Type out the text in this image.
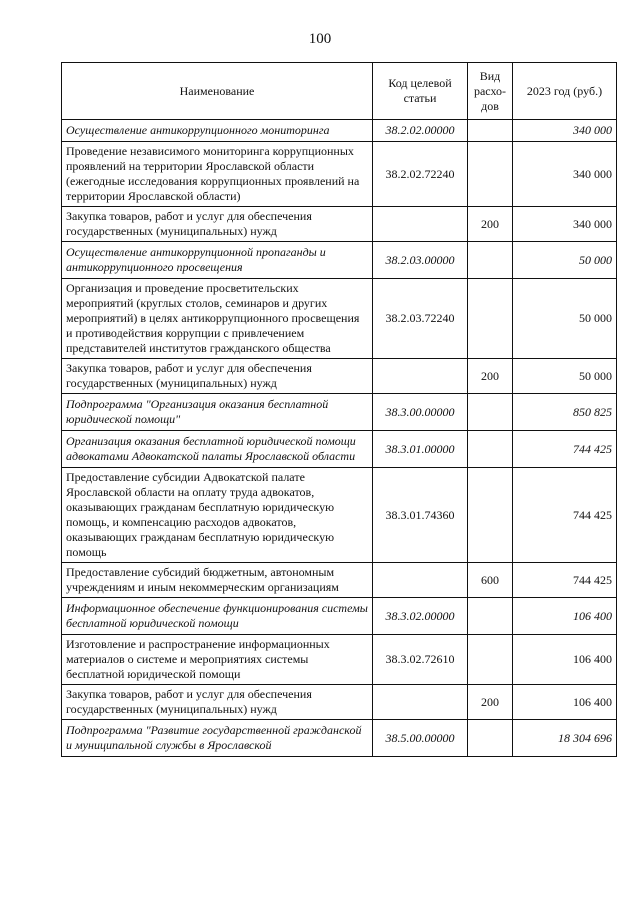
100
Наименование	Код целевой статьи	Вид расхо-дов	2023 год (руб.)
Осуществление антикоррупционного мониторинга	38.2.02.00000		340 000
Проведение независимого мониторинга коррупционных проявлений на территории Ярославской области (ежегодные исследования коррупционных проявлений на территории Ярославской области)	38.2.02.72240		340 000
Закупка товаров, работ и услуг для обеспечения государственных (муниципальных) нужд		200	340 000
Осуществление антикоррупционной пропаганды и антикоррупционного просвещения	38.2.03.00000		50 000
Организация и проведение просветительских мероприятий (круглых столов, семинаров и других мероприятий) в целях антикоррупционного просвещения и противодействия коррупции с привлечением представителей институтов гражданского общества	38.2.03.72240		50 000
Закупка товаров, работ и услуг для обеспечения государственных (муниципальных) нужд		200	50 000
Подпрограмма "Организация оказания бесплатной юридической помощи"	38.3.00.00000		850 825
Организация оказания бесплатной юридической помощи адвокатами Адвокатской палаты Ярославской области	38.3.01.00000		744 425
Предоставление субсидии Адвокатской палате Ярославской области на оплату труда адвокатов, оказывающих гражданам бесплатную юридическую помощь, и компенсацию расходов адвокатов, оказывающих гражданам бесплатную юридическую помощь	38.3.01.74360		744 425
Предоставление субсидий бюджетным, автономным учреждениям и иным некоммерческим организациям		600	744 425
Информационное обеспечение функционирования системы бесплатной юридической помощи	38.3.02.00000		106 400
Изготовление и распространение информационных материалов о системе и мероприятиях системы бесплатной юридической помощи	38.3.02.72610		106 400
Закупка товаров, работ и услуг для обеспечения государственных (муниципальных) нужд		200	106 400
Подпрограмма "Развитие государственной гражданской и муниципальной службы в Ярославской	38.5.00.00000		18 304 696
